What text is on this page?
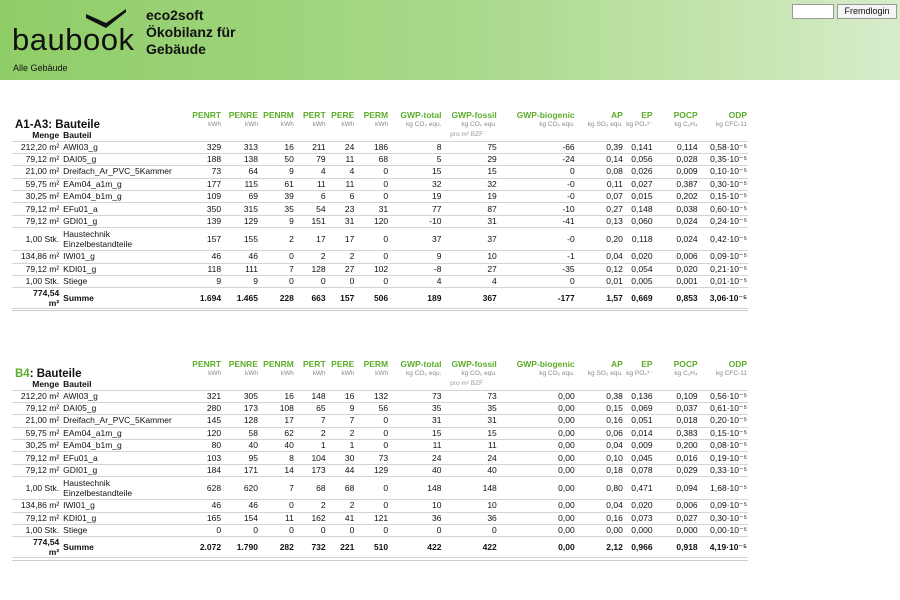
baubook
Alle Gebäude
eco2soft
Ökobilanz für
Gebäude
Fremdlogin
A1-A3: Bauteile		PENRT	PENRE	PENRM	PERT	PERE	PERM	GWP-total	GWP-fossil	GWP-biogenic	AP	EP	POCP	ODP
		kWh	kWh	kWh	kWh	kWh	kWh	kg CO₂ equ.	kg CO₂ equ.	kg CO₂ equ.	kg SO₂ equ.	kg PO₄³⁻	kg C₂H₄	kg CFC-11
Menge	Bauteil	pro m² BZF												
212,20 m²	AWI03_g	329	313	16	211	24	186	8	75	-66	0,39	0,141	0,114	0,58·10⁻⁵
79,12 m²	DAI05_g	188	138	50	79	11	68	5	29	-24	0,14	0,056	0,028	0,35·10⁻⁵
21,00 m²	Dreifach_Ar_PVC_5Kammer	73	64	9	4	4	0	15	15	0	0,08	0,026	0,009	0,10·10⁻⁵
59,75 m²	EAm04_a1m_g	177	115	61	11	11	0	32	32	-0	0,11	0,027	0,387	0,30·10⁻⁵
30,25 m²	EAm04_b1m_g	109	69	39	6	6	0	19	19	-0	0,07	0,015	0,202	0,15·10⁻⁵
79,12 m²	EFu01_a	350	315	35	54	23	31	77	87	-10	0,27	0,148	0,038	0,60·10⁻⁵
79,12 m²	GDI01_g	139	129	9	151	31	120	-10	31	-41	0,13	0,060	0,024	0,24·10⁻⁵
1,00 Stk.	Haustechnik
Einzelbestandteile	157	155	2	17	17	0	37	37	-0	0,20	0,118	0,024	0,42·10⁻⁵
134,86 m²	IWI01_g	46	46	0	2	2	0	9	10	-1	0,04	0,020	0,006	0,09·10⁻⁵
79,12 m²	KDI01_g	118	111	7	128	27	102	-8	27	-35	0,12	0,054	0,020	0,21·10⁻⁵
1,00 Stk.	Stiege	9	9	0	0	0	0	4	4	0	0,01	0,005	0,001	0,01·10⁻⁵
774,54
m²	Summe	1.694	1.465	228	663	157	506	189	367	-177	1,57	0,669	0,853	3,06·10⁻⁵
B4: Bauteile		PENRT	PENRE	PENRM	PERT	PERE	PERM	GWP-total	GWP-fossil	GWP-biogenic	AP	EP	POCP	ODP
		kWh	kWh	kWh	kWh	kWh	kWh	kg CO₂ equ.	kg CO₂ equ.	kg CO₂ equ.	kg SO₂ equ.	kg PO₄³⁻	kg C₂H₄	kg CFC-11
Menge	Bauteil	pro m² BZF												
212,20 m²	AWI03_g	321	305	16	148	16	132	73	73	0,00	0,38	0,136	0,109	0,56·10⁻⁵
79,12 m²	DAI05_g	280	173	108	65	9	56	35	35	0,00	0,15	0,069	0,037	0,61·10⁻⁵
21,00 m²	Dreifach_Ar_PVC_5Kammer	145	128	17	7	7	0	31	31	0,00	0,16	0,051	0,018	0,20·10⁻⁵
59,75 m²	EAm04_a1m_g	120	58	62	2	2	0	15	15	0,00	0,06	0,014	0,383	0,15·10⁻⁵
30,25 m²	EAm04_b1m_g	80	40	40	1	1	0	11	11	0,00	0,04	0,009	0,200	0,08·10⁻⁵
79,12 m²	EFu01_a	103	95	8	104	30	73	24	24	0,00	0,10	0,045	0,016	0,19·10⁻⁵
79,12 m²	GDI01_g	184	171	14	173	44	129	40	40	0,00	0,18	0,078	0,029	0,33·10⁻⁵
1,00 Stk.	Haustechnik
Einzelbestandteile	628	620	7	68	68	0	148	148	0,00	0,80	0,471	0,094	1,68·10⁻⁵
134,86 m²	IWI01_g	46	46	0	2	2	0	10	10	0,00	0,04	0,020	0,006	0,09·10⁻⁵
79,12 m²	KDI01_g	165	154	11	162	41	121	36	36	0,00	0,16	0,073	0,027	0,30·10⁻⁵
1,00 Stk.	Stiege	0	0	0	0	0	0	0	0	0,00	0,00	0,000	0,000	0,00·10⁻⁵
774,54
m²	Summe	2.072	1.790	282	732	221	510	422	422	0,00	2,12	0,966	0,918	4,19·10⁻⁵
